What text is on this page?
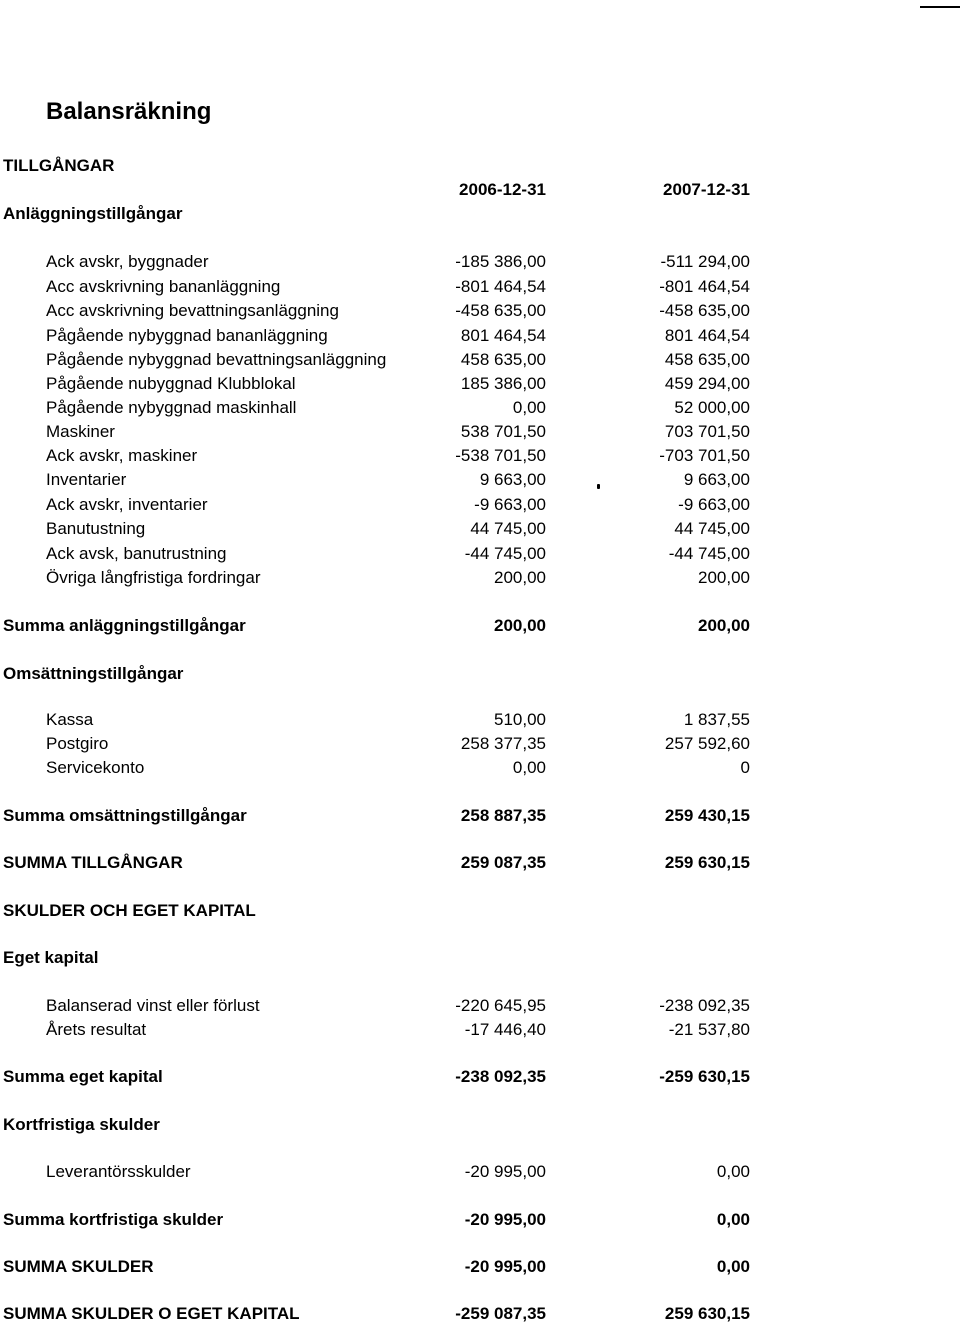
Balansräkning
TILLGÅNGAR
2006-12-31	2007-12-31
Anläggningstillgångar
Ack avskr, byggnader	-185 386,00	-511 294,00
Acc avskrivning bananläggning	-801 464,54	-801 464,54
Acc avskrivning bevattningsanläggning	-458 635,00	-458 635,00
Pågående nybyggnad bananläggning	801 464,54	801 464,54
Pågående nybyggnad bevattningsanläggning	458 635,00	458 635,00
Pågående nubyggnad Klubblokal	185 386,00	459 294,00
Pågående nybyggnad maskinhall	0,00	52 000,00
Maskiner	538 701,50	703 701,50
Ack avskr, maskiner	-538 701,50	-703 701,50
Inventarier	9 663,00	9 663,00
Ack avskr, inventarier	-9 663,00	-9 663,00
Banutustning	44 745,00	44 745,00
Ack avsk, banutrustning	-44 745,00	-44 745,00
Övriga långfristiga fordringar	200,00	200,00
Summa anläggningstillgångar	200,00	200,00
Omsättningstillgångar
Kassa	510,00	1 837,55
Postgiro	258 377,35	257 592,60
Servicekonto	0,00	0
Summa omsättningstillgångar	258 887,35	259 430,15
SUMMA TILLGÅNGAR	259 087,35	259 630,15
SKULDER OCH EGET KAPITAL
Eget kapital
Balanserad vinst eller förlust	-220 645,95	-238 092,35
Årets resultat	-17 446,40	-21 537,80
Summa eget kapital	-238 092,35	-259 630,15
Kortfristiga skulder
Leverantörsskulder	-20 995,00	0,00
Summa kortfristiga skulder	-20 995,00	0,00
SUMMA SKULDER	-20 995,00	0,00
SUMMA SKULDER O EGET KAPITAL	-259 087,35	259 630,15
